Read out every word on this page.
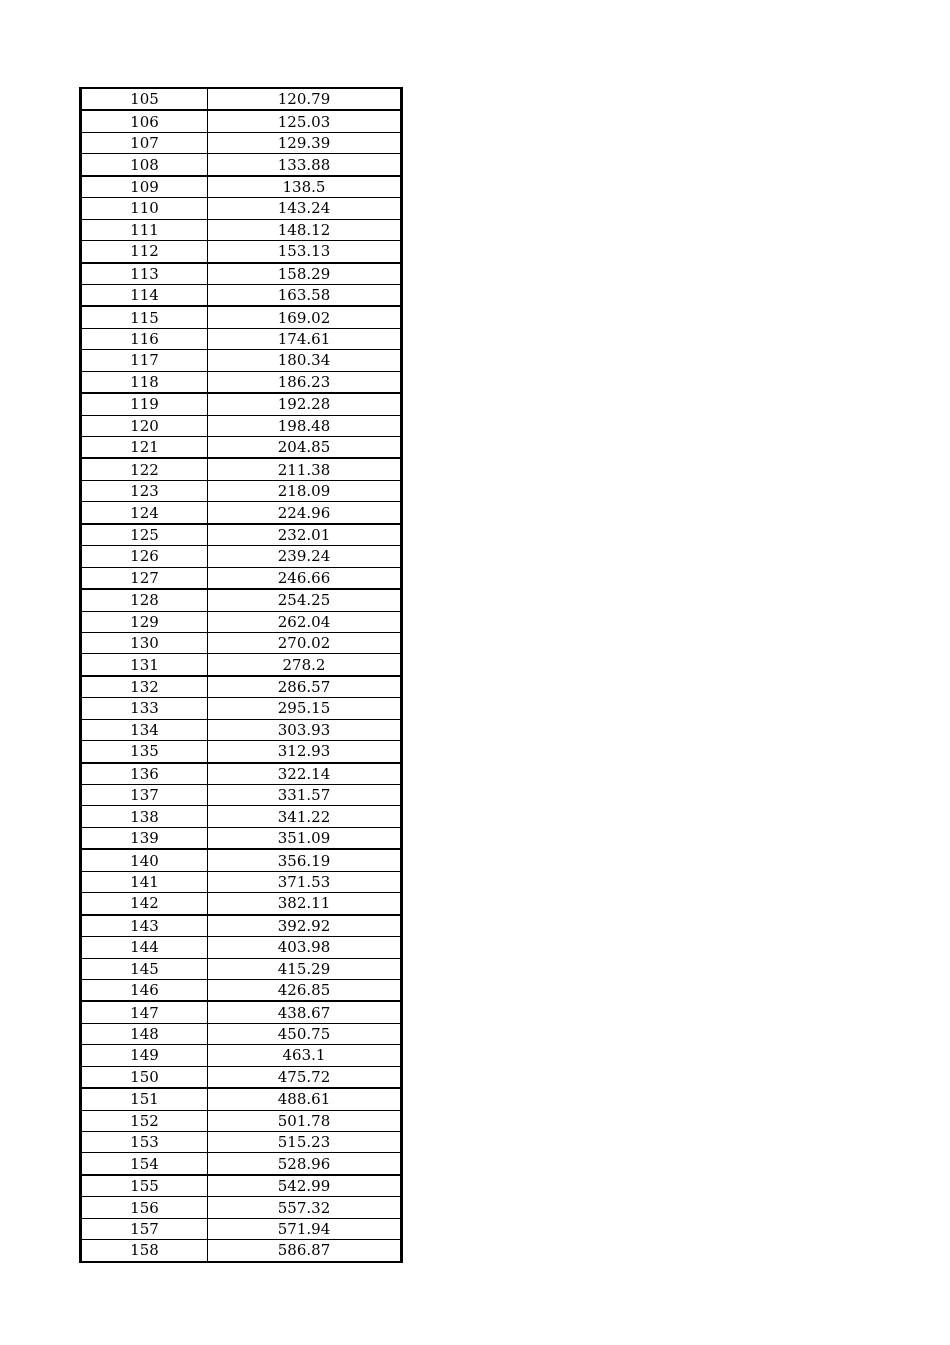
105	120.79
106	125.03
107	129.39
108	133.88
109	138.5
110	143.24
111	148.12
112	153.13
113	158.29
114	163.58
115	169.02
116	174.61
117	180.34
118	186.23
119	192.28
120	198.48
121	204.85
122	211.38
123	218.09
124	224.96
125	232.01
126	239.24
127	246.66
128	254.25
129	262.04
130	270.02
131	278.2
132	286.57
133	295.15
134	303.93
135	312.93
136	322.14
137	331.57
138	341.22
139	351.09
140	356.19
141	371.53
142	382.11
143	392.92
144	403.98
145	415.29
146	426.85
147	438.67
148	450.75
149	463.1
150	475.72
151	488.61
152	501.78
153	515.23
154	528.96
155	542.99
156	557.32
157	571.94
158	586.87
